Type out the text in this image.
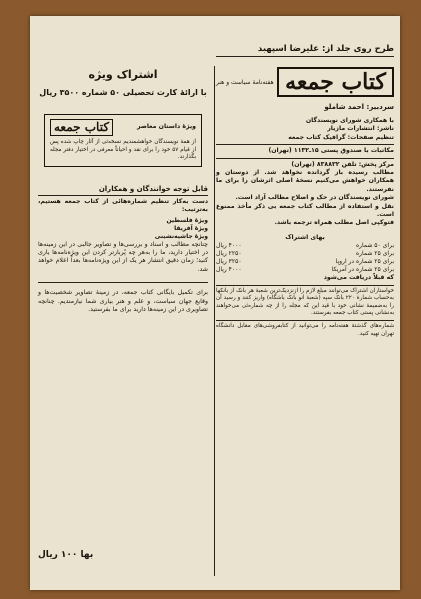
طرح روی جلد از: علیرضا اسپهبد

کتاب جمعه
هفته‌نامهٔ سیاست و هنر

سردبیر: احمد شاملو

با همکاری شورای نویسندگان

ناشر: انتشارات مازیار

تنظیم صفحات: گرافیک کتاب جمعه

مکاتبات با صندوق پستی ۱۵ـ۱۱۳۲ (تهران)

مرکز پخش: تلفن ۸۳۸۸۳۲ (تهران)

مطالب رسیده باز گردانده نخواهد شد. از دوستان و همکاران خواهش می‌کنیم نسخهٔ اصلی اثرشان را برای ما نفرستند.

شورای نویسندگان در حک و اصلاح مطالب آزاد است.

نقل و استفاده از مطالب کتاب جمعه بی ذکر مأخذ ممنوع است.

فتوکپی اصل مطلب همراه ترجمه باشد.

بهای اشتراک

برای ۵۰ شماره
۴۰۰۰ ریال
برای ۲۵ شماره
۲۲۵۰ ریال
برای ۲۵ شماره در اروپا
۳۲۵۰ ریال
برای ۲۵ شماره در آمریکا
۴۰۰۰ ریال

که قبلاً دریافت می‌شود

خواستاران اشتراک می‌توانند مبلغ لازم را ازنزدیک‌ترین شعبهٔ هر بانک از بانکها به‌حساب شمارهٔ ۲۲۰ بانک سپه (شعبهٔ انو بانک باشگاه) واریز کنند و رسید آن را به‌ضمیمهٔ نشانی خود با قید این که مجله را از چه شماره‌ئی می‌خواهند به‌نشانی پستی کتاب جمعه بفرستند.

شماره‌های گذشتهٔ هفته‌نامه را می‌توانید از کتابفروشی‌های مقابل دانشگاه تهران تهیه کنید.

اشتراک ویژه

با ارائهٔ کارت تحصیلی ۵۰ شماره ۳۵۰۰ ریال

ویژهٔ داستان معاصر
کتاب جمعه

از همهٔ نویسندگان خواهشمندیم نسخه‌ئی از آثار چاپ شده پس از قیام ۵۷ خود را برای نقد و احیاناً معرفی در اختیار دفتر مجله بگذارند.

قابل توجه خوانندگان و همکاران

دست به‌کار تنظیم شماره‌هائی از کتاب جمعه هستیم، به‌ترتیب:

ویژهٔ فلسطین

ویژهٔ آفریقا

ویژهٔ جاشیه‌نشینی

چنانچه مطالب و اسناد و بررسی‌ها و تصاویر جالبی در این زمینه‌ها در اختیار دارید، ما را به‌هر چه پُربارتر کردن این ویژه‌نامه‌ها یاری کنید؛ زمان دقیق انتشار هر یک از این ویژه‌نامه‌ها بعداً اعلام خواهد شد.

برای تکمیل بایگانی کتاب جمعه، در زمینهٔ تصاویر شخصیت‌ها و وقایع جهان سیاست، و علم و هنر بیاری شما نیازمندیم. چنانچه تصاویری در این زمینه‌ها دارید برای ما بفرستید.

بها ۱۰۰ ریال
